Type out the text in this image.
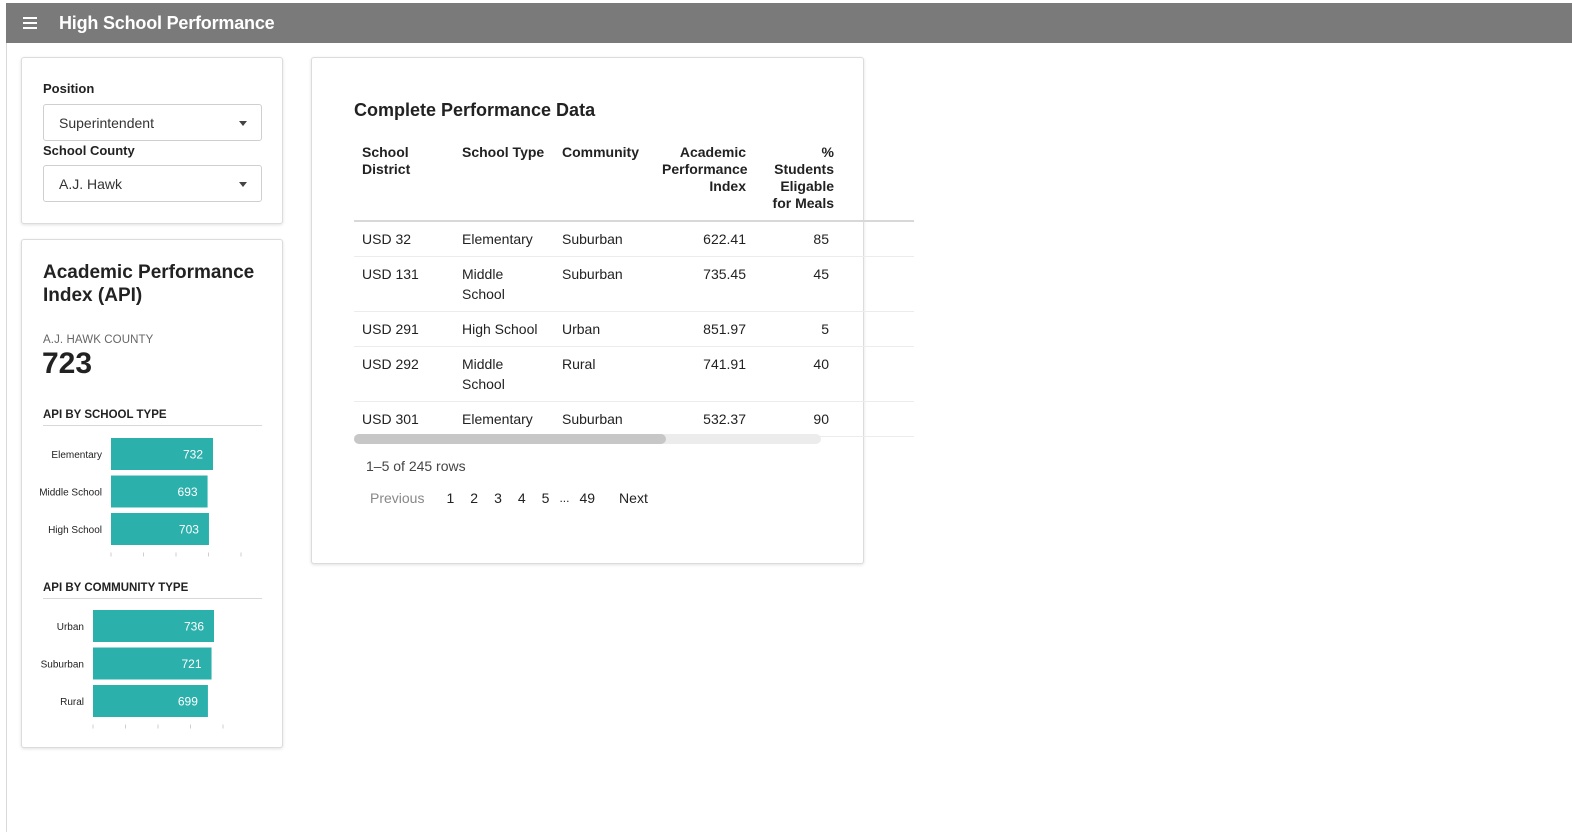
High School Performance
Position
Superintendent
School County
A.J. Hawk
Academic Performance Index (API)
A.J. HAWK COUNTY
723
API BY SCHOOL TYPE
Elementary	732
Middle School	693
High School	703
API BY COMMUNITY TYPE
Urban	736
Suburban	721
Rural	699
Complete Performance Data
School District	School Type	Community	Academic Performance Index	% Students Eligable for Meals
USD 32	Elementary	Suburban	622.41	85
USD 131	Middle School	Suburban	735.45	45
USD 291	High School	Urban	851.97	5
USD 292	Middle School	Rural	741.91	40
USD 301	Elementary	Suburban	532.37	90
1–5 of 245 rows
Previous	1	2	3	4	5 ... 49	Next
